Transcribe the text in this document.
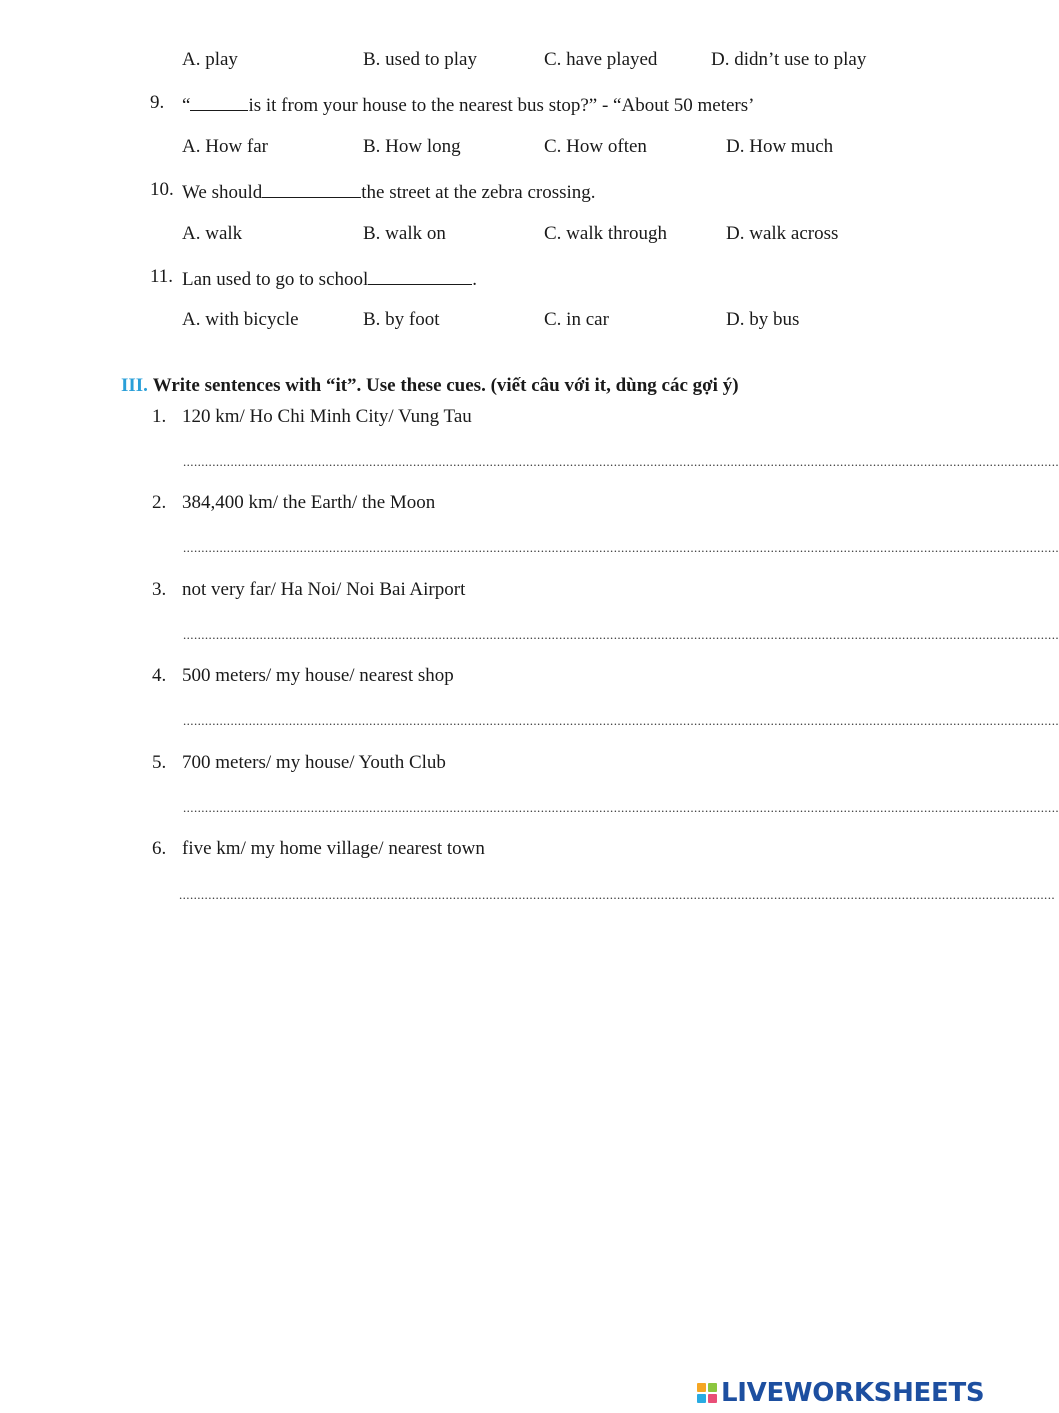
A. play	B. used to play	C. have played	D. didn’t use to play
9. “	is it from your house to the nearest bus stop?” - “About 50 meters’
A. How far	B. How long	C. How often	D. How much
10. We should	the street at the zebra crossing.
A. walk	B. walk on	C. walk through	D. walk across
11. Lan used to go to school	.
A. with bicycle	B. by foot	C. in car	D. by bus
III. Write sentences with “it”. Use these cues. (viết câu với it, dùng các gợi ý)
1. 120 km/ Ho Chi Minh City/ Vung Tau
................................................................................................................................................................................................................................................
2. 384,400 km/ the Earth/ the Moon
................................................................................................................................................................................................................................................
3. not very far/ Ha Noi/ Noi Bai Airport
................................................................................................................................................................................................................................................
4. 500 meters/ my house/ nearest shop
................................................................................................................................................................................................................................................
5. 700 meters/ my house/ Youth Club
................................................................................................................................................................................................................................................
6. five km/ my home village/ nearest town
................................................................................................................................................................................................................................................
LIVEWORKSHEETS
